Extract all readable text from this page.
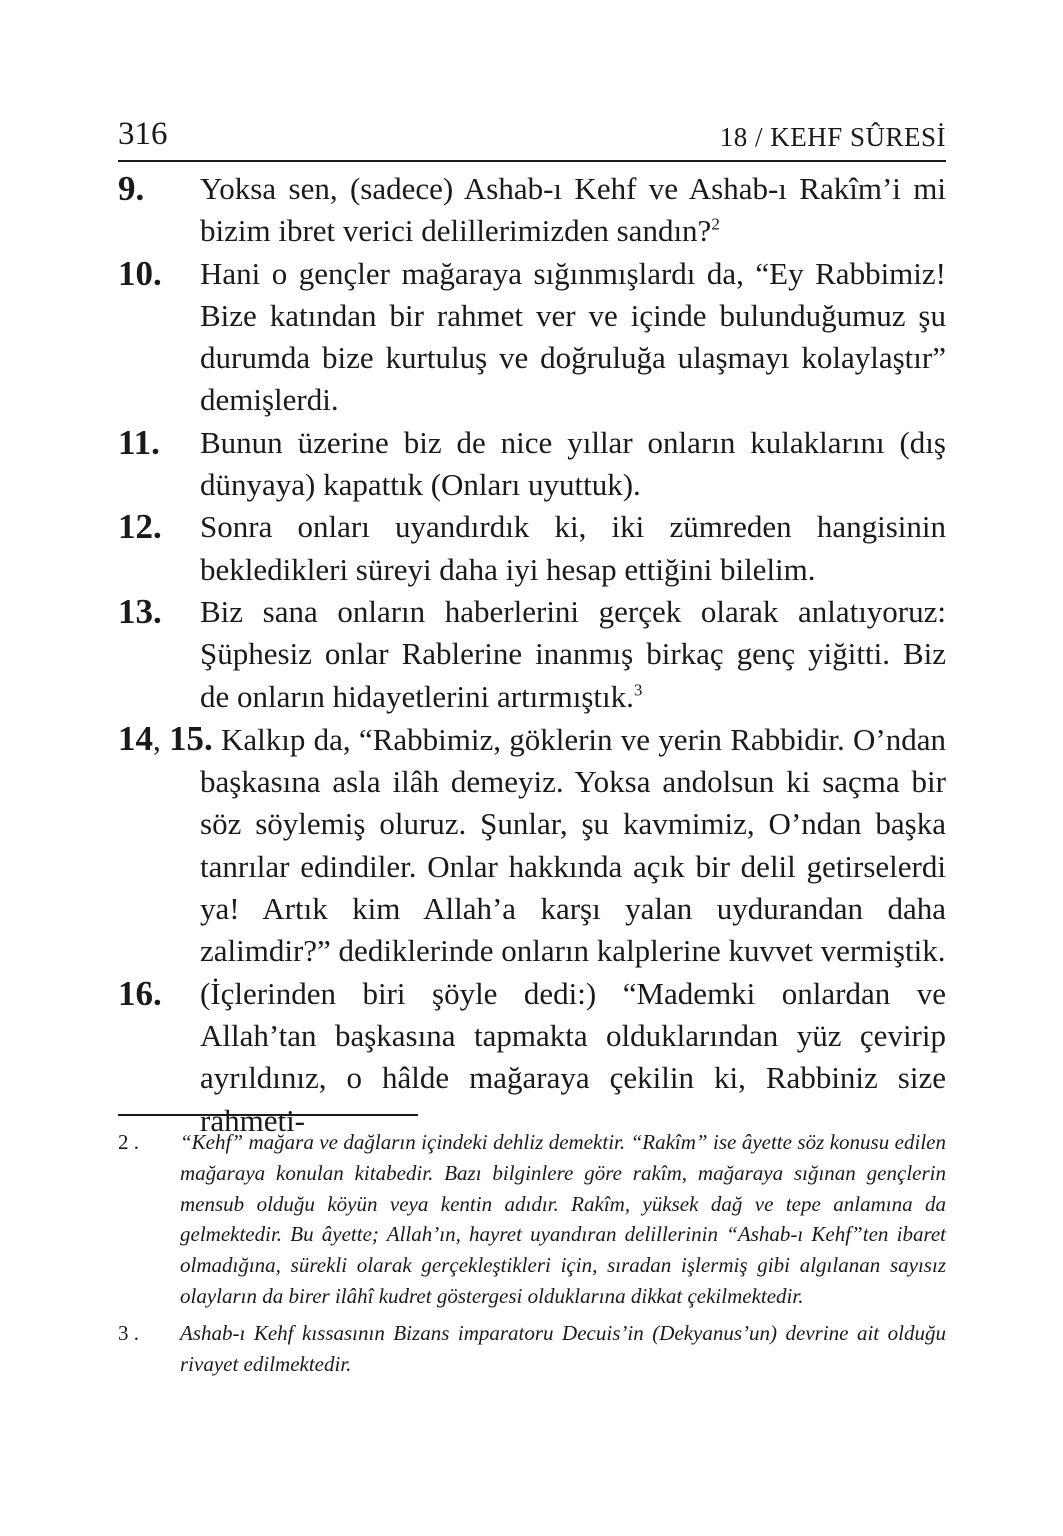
316	18 / KEHF SÛRESİ

9. Yoksa sen, (sadece) Ashab-ı Kehf ve Ashab-ı Rakîm’i mi bizim ibret verici delillerimizden sandın?$^2$

10. Hani o gençler mağaraya sığınmışlardı da, “Ey Rabbimiz! Bize katından bir rahmet ver ve içinde bulunduğumuz şu durumda bize kurtuluş ve doğruluğa ulaşmayı kolaylaştır” demişlerdi.

11. Bunun üzerine biz de nice yıllar onların kulaklarını (dış dünyaya) kapattık (Onları uyuttuk).

12. Sonra onları uyandırdık ki, iki zümreden hangisinin bekledikleri süreyi daha iyi hesap ettiğini bilelim.

13. Biz sana onların haberlerini gerçek olarak anlatıyoruz: Şüphesiz onlar Rablerine inanmış birkaç genç yiğitti. Biz de onların hidayetlerini artırmıştık.$^3$

14, 15. Kalkıp da, “Rabbimiz, göklerin ve yerin Rabbidir. O’ndan başkasına asla ilâh demeyiz. Yoksa andolsun ki saçma bir söz söylemiş oluruz. Şunlar, şu kavmimiz, O’ndan başka tanrılar edindiler. Onlar hakkında açık bir delil getirselerdi ya! Artık kim Allah’a karşı yalan uydurandan daha zalimdir?” dediklerinde onların kalplerine kuvvet vermiştik.

16. (İçlerinden biri şöyle dedi:) “Mademki onlardan ve Allah’tan başkasına tapmakta olduklarından yüz çevirip ayrıldınız, o hâlde mağaraya çekilin ki, Rabbiniz size rahmeti-

2 . “Kehf” mağara ve dağların içindeki dehliz demektir. “Rakîm” ise âyette söz konusu edilen mağaraya konulan kitabedir. Bazı bilginlere göre rakîm, mağaraya sığınan gençlerin mensub olduğu köyün veya kentin adıdır. Rakîm, yüksek dağ ve tepe anlamına da gelmektedir. Bu âyette; Allah’ın, hayret uyandıran delillerinin “Ashab-ı Kehf”ten ibaret olmadığına, sürekli olarak gerçekleştikleri için, sıradan işlermiş gibi algılanan sayısız olayların da birer ilâhî kudret göstergesi olduklarına dikkat çekilmektedir.

3 . Ashab-ı Kehf kıssasının Bizans imparatoru Decuis’in (Dekyanus’un) devrine ait olduğu rivayet edilmektedir.
